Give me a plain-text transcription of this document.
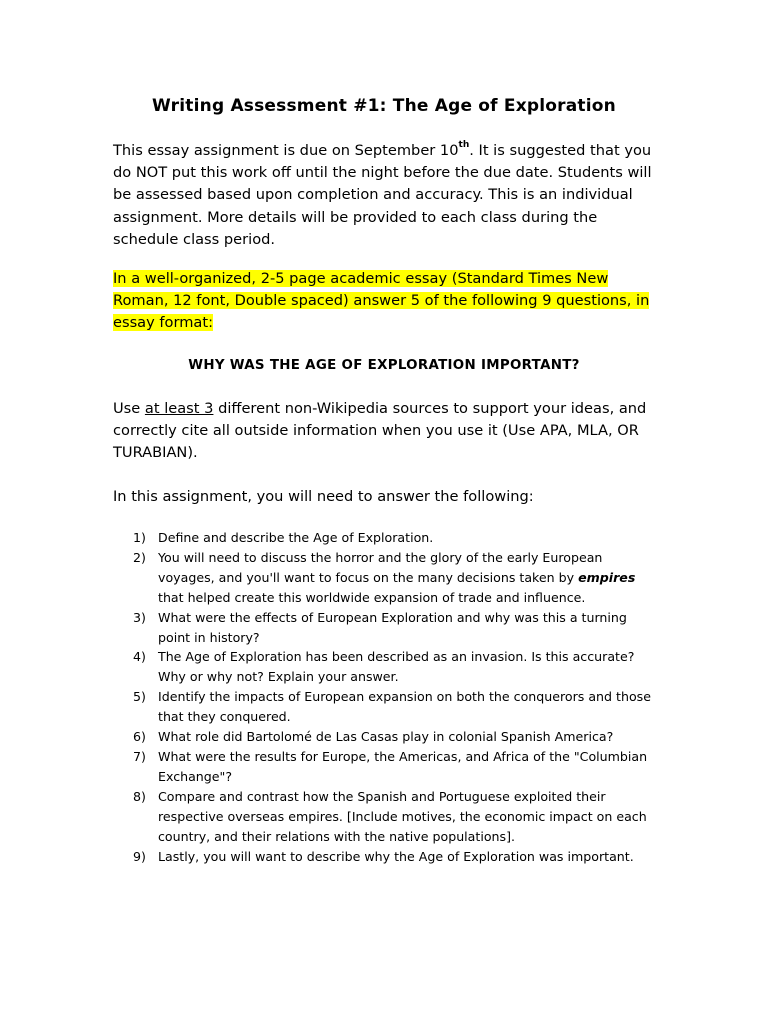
Writing Assessment #1: The Age of Exploration
This essay assignment is due on September 10th. It is suggested that you do NOT put this work off until the night before the due date. Students will be assessed based upon completion and accuracy. This is an individual assignment. More details will be provided to each class during the schedule class period.
In a well-organized, 2-5 page academic essay (Standard Times New Roman, 12 font, Double spaced) answer 5 of the following 9 questions, in essay format:
WHY WAS THE AGE OF EXPLORATION IMPORTANT?
Use at least 3 different non-Wikipedia sources to support your ideas, and correctly cite all outside information when you use it (Use APA, MLA, OR TURABIAN).
In this assignment, you will need to answer the following:
1) Define and describe the Age of Exploration.
2) You will need to discuss the horror and the glory of the early European voyages, and you'll want to focus on the many decisions taken by empires that helped create this worldwide expansion of trade and influence.
3) What were the effects of European Exploration and why was this a turning point in history?
4) The Age of Exploration has been described as an invasion. Is this accurate? Why or why not? Explain your answer.
5) Identify the impacts of European expansion on both the conquerors and those that they conquered.
6) What role did Bartolomé de Las Casas play in colonial Spanish America?
7) What were the results for Europe, the Americas, and Africa of the "Columbian Exchange"?
8) Compare and contrast how the Spanish and Portuguese exploited their respective overseas empires. [Include motives, the economic impact on each country, and their relations with the native populations].
9) Lastly, you will want to describe why the Age of Exploration was important.
